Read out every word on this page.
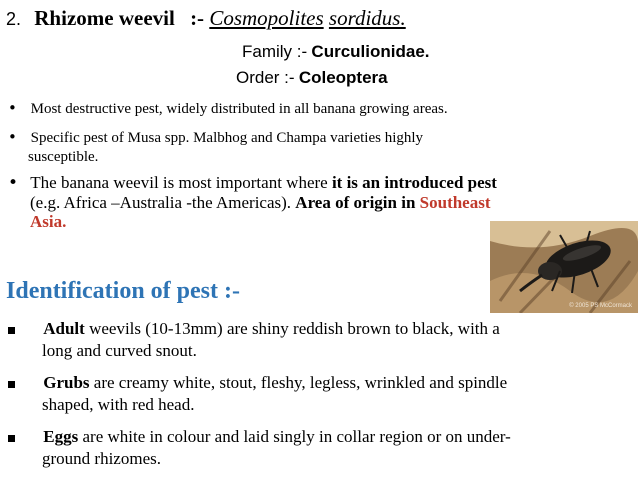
2. Rhizome weevil :- Cosmopolites sordidus.
Family :- Curculionidae.
Order :- Coleoptera
• Most destructive pest, widely distributed in all banana growing areas.
• Specific pest of Musa spp. Malbhog and Champa varieties highly
susceptible.
• The banana weevil is most important where it is an introduced pest
(e.g. Africa –Australia -the Americas). Area of origin in Southeast
Asia.
© 2005 PS McCormack
Identification of pest :-
Adult weevils (10-13mm) are shiny reddish brown to black, with a
long and curved snout.
Grubs are creamy white, stout, fleshy, legless, wrinkled and spindle
shaped, with red head.
Eggs are white in colour and laid singly in collar region or on under-
ground rhizomes.
